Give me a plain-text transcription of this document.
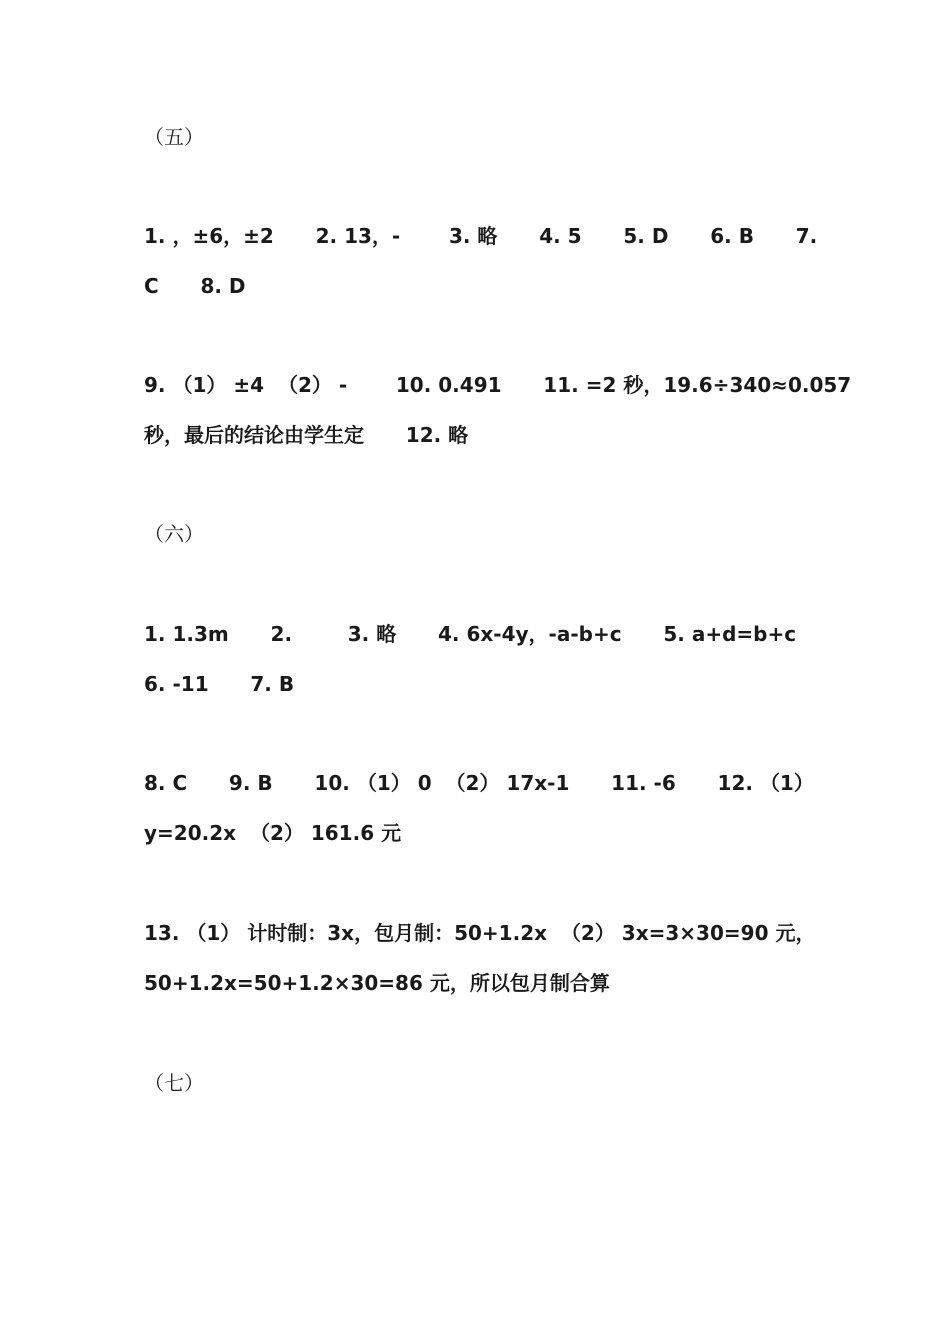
（五）
1. ，±6，±2      2. 13，-       3. 略      4. 5      5. D      6. B      7.
C      8. D
9. （1） ±4  （2） -       10. 0.491      11. =2 秒，19.6÷340≈0.057
秒，最后的结论由学生定      12. 略
（六）
1. 1.3m      2.        3. 略      4. 6x-4y，-a-b+c      5. a+d=b+c
6. -11      7. B
8. C      9. B      10. （1） 0  （2） 17x-1      11. -6      12. （1）
y=20.2x  （2） 161.6 元
13. （1） 计时制：3x，包月制：50+1.2x  （2） 3x=3×30=90 元，
50+1.2x=50+1.2×30=86 元，所以包月制合算
（七）
